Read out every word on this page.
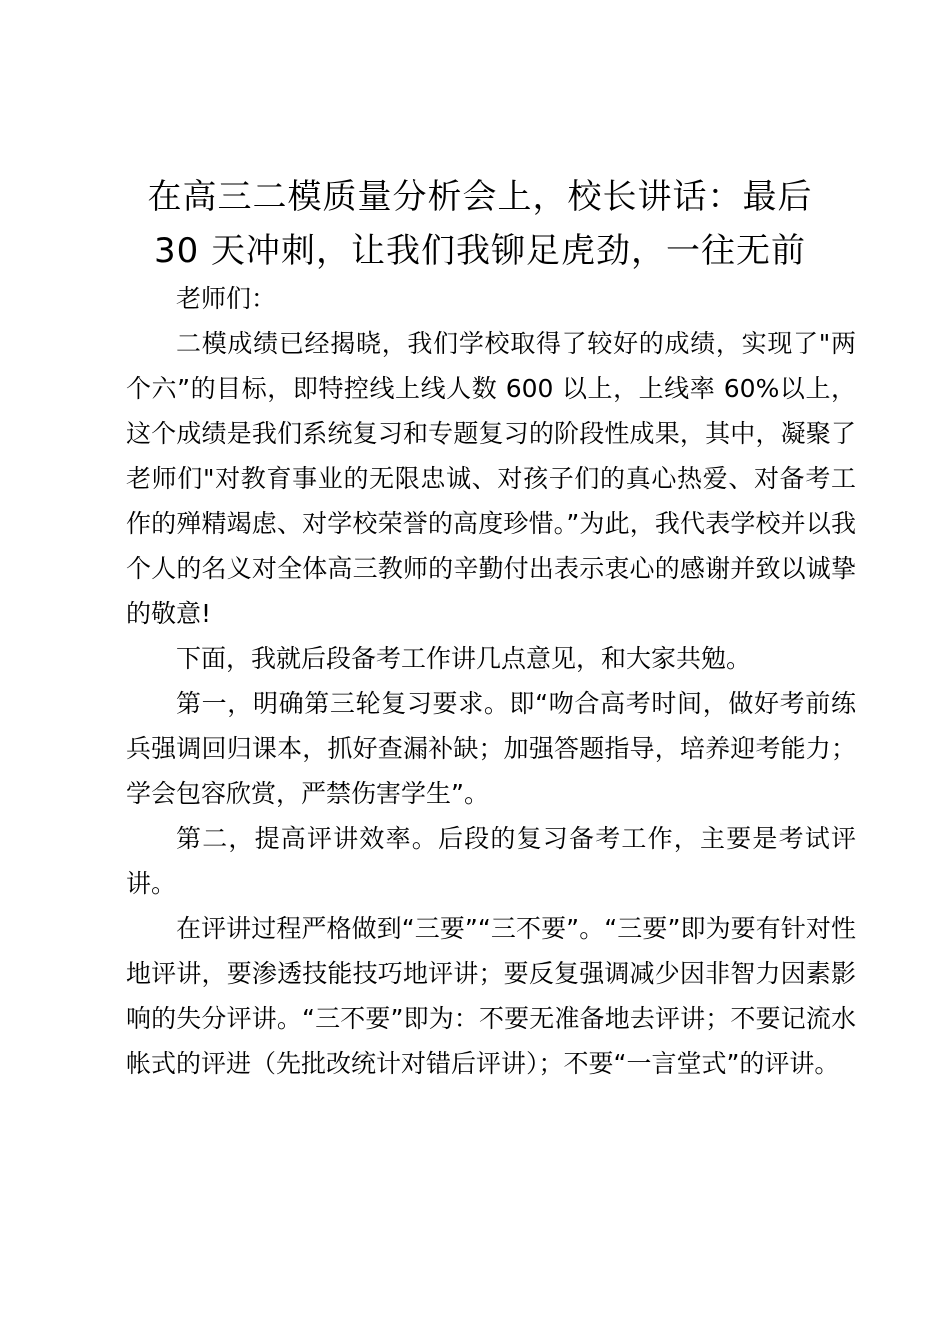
在高三二模质量分析会上，校长讲话：最后
30 天冲刺，让我们我铆足虎劲，一往无前

老师们：

二模成绩已经揭晓，我们学校取得了较好的成绩，实现了"两个六”的目标，即特控线上线人数 600 以上，上线率 60%以上，这个成绩是我们系统复习和专题复习的阶段性成果，其中，凝聚了老师们"对教育事业的无限忠诚、对孩子们的真心热爱、对备考工作的殚精竭虑、对学校荣誉的高度珍惜。”为此，我代表学校并以我个人的名义对全体高三教师的辛勤付出表示衷心的感谢并致以诚挚的敬意!

下面，我就后段备考工作讲几点意见，和大家共勉。

第一，明确第三轮复习要求。即“吻合高考时间，做好考前练兵强调回归课本，抓好查漏补缺；加强答题指导，培养迎考能力；学会包容欣赏，严禁伤害学生”。

第二，提高评讲效率。后段的复习备考工作，主要是考试评讲。

在评讲过程严格做到“三要”“三不要”。“三要”即为要有针对性地评讲，要渗透技能技巧地评讲；要反复强调减少因非智力因素影响的失分评讲。“三不要”即为：不要无准备地去评讲；不要记流水帐式的评进（先批改统计对错后评讲）；不要“一言堂式”的评讲。
